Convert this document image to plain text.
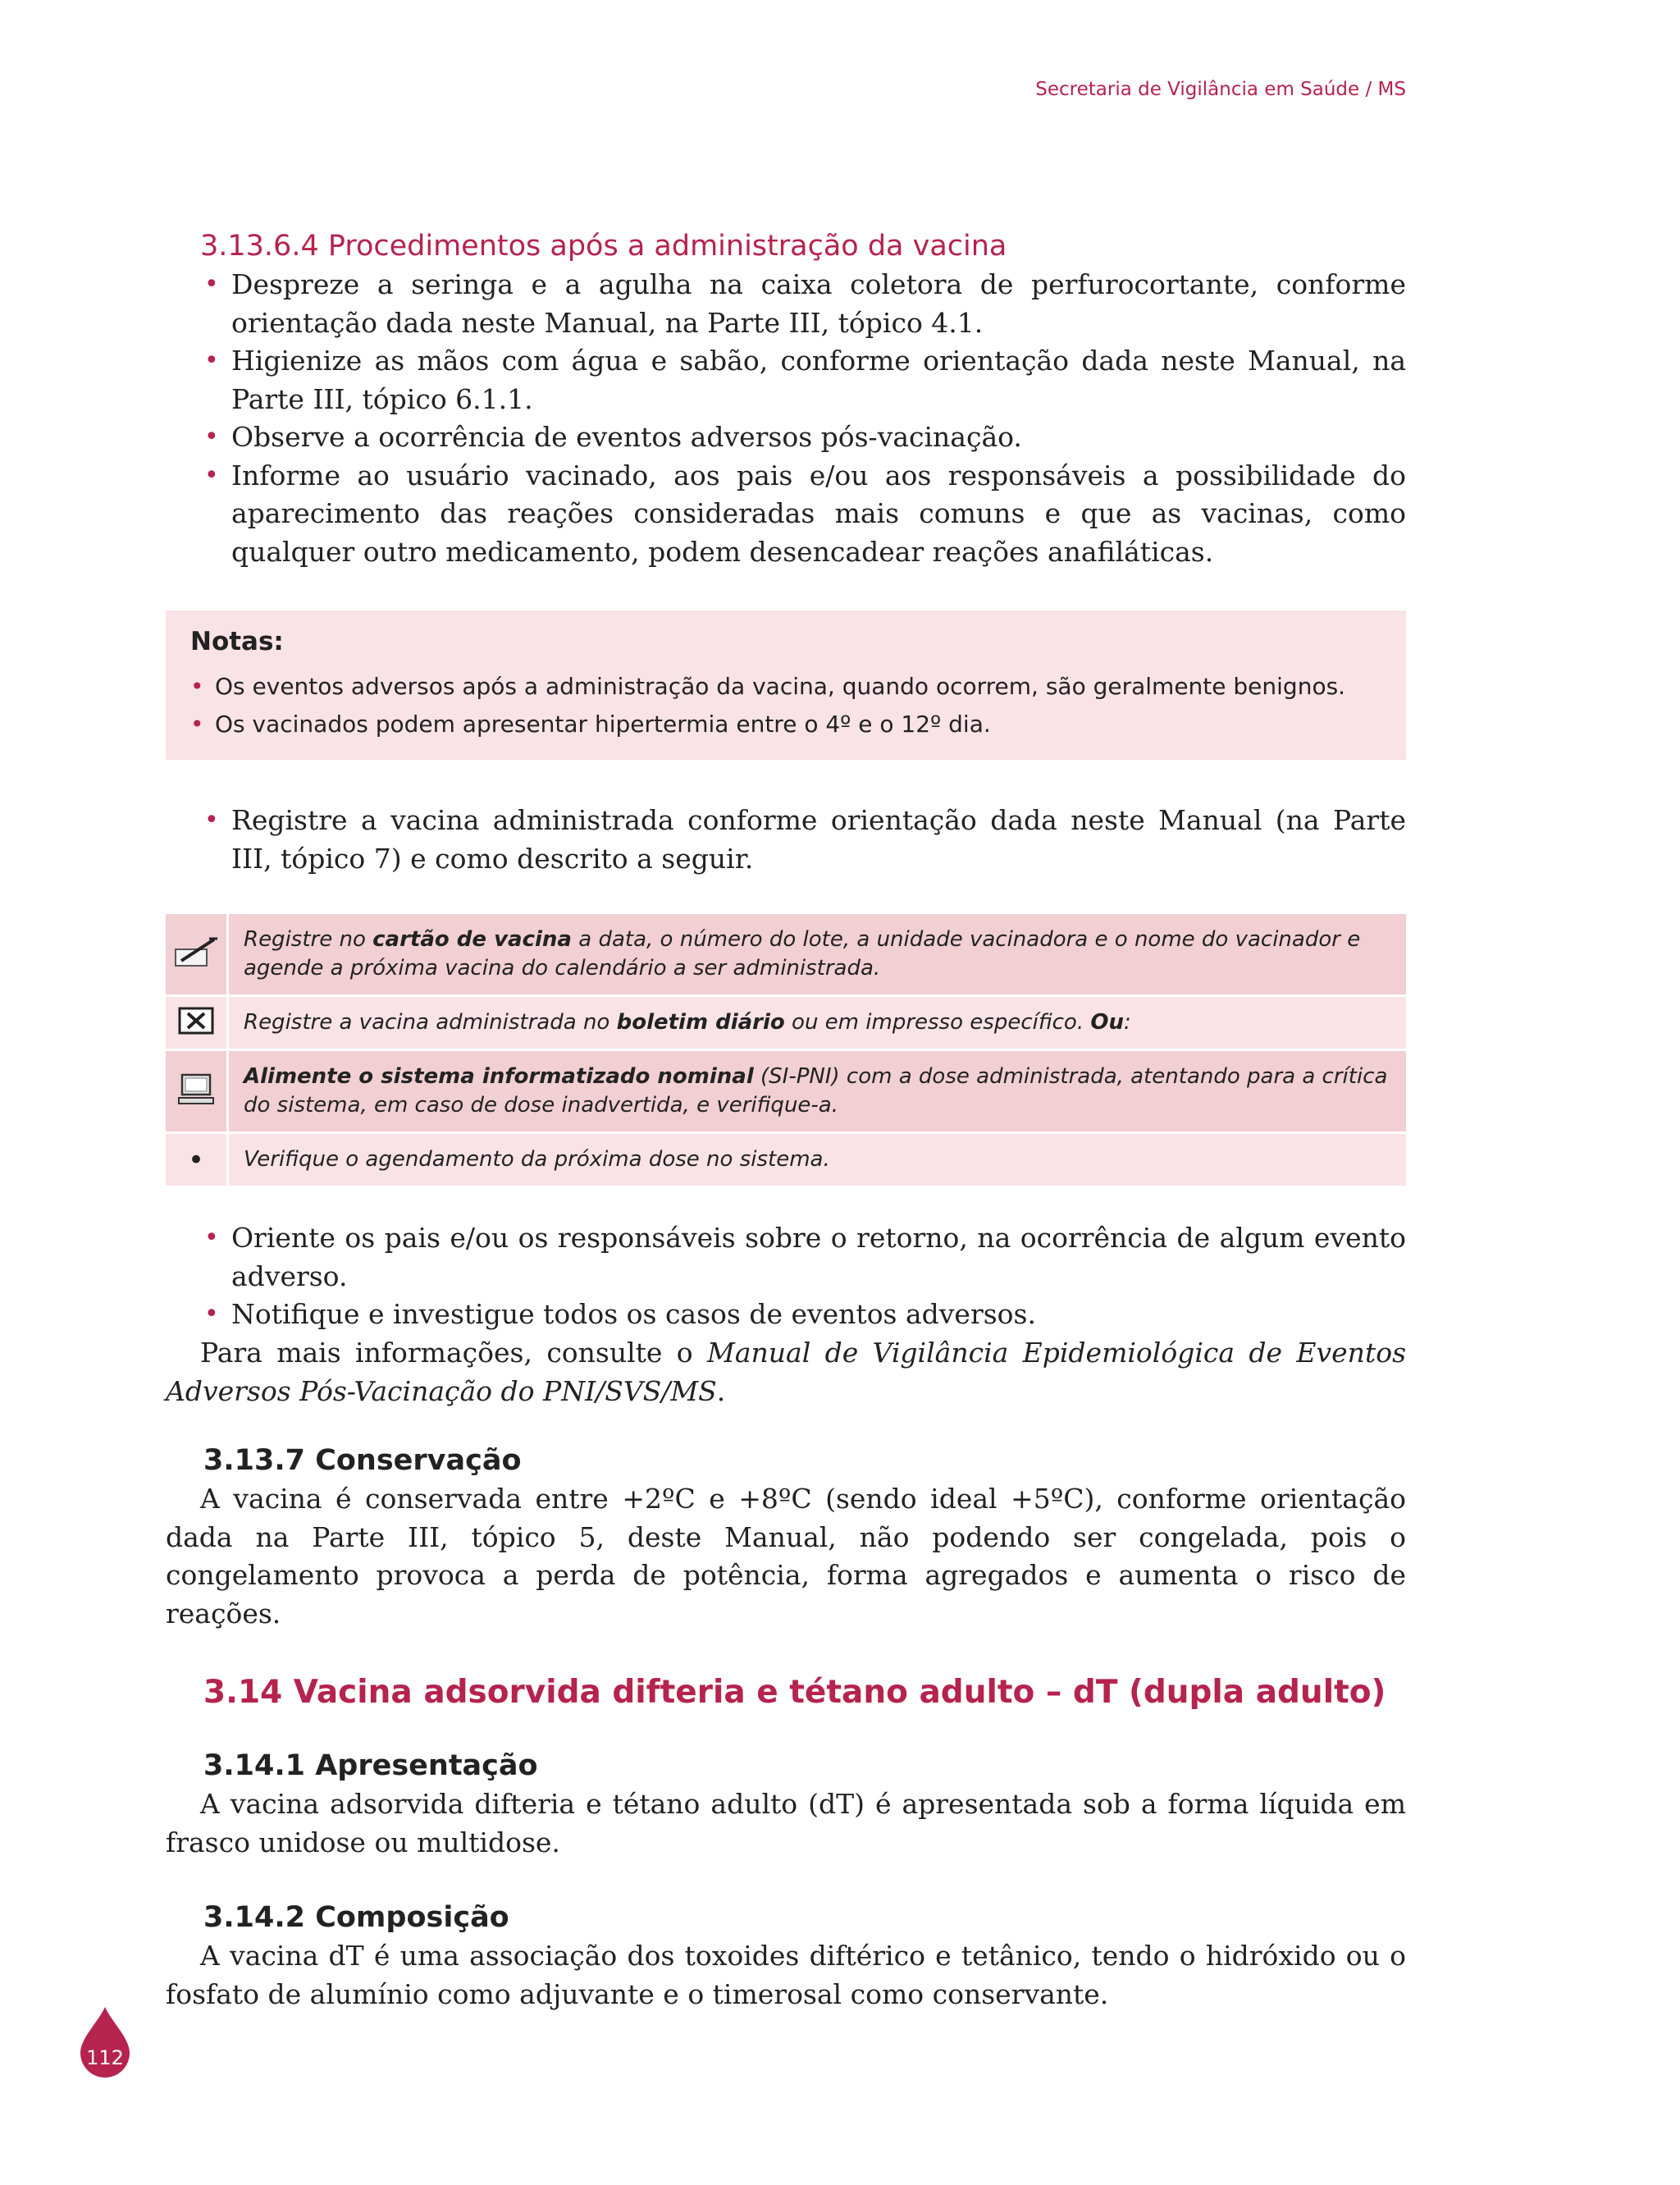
Secretaria de Vigilância em Saúde / MS
3.13.6.4 Procedimentos após a administração da vacina
• Despreze a seringa e a agulha na caixa coletora de perfurocortante, conforme orientação dada neste Manual, na Parte III, tópico 4.1.
• Higienize as mãos com água e sabão, conforme orientação dada neste Manual, na Parte III, tópico 6.1.1.
• Observe a ocorrência de eventos adversos pós-vacinação.
• Informe ao usuário vacinado, aos pais e/ou aos responsáveis a possibilidade do aparecimento das reações consideradas mais comuns e que as vacinas, como qualquer outro medicamento, podem desencadear reações anafiláticas.

Notas:

• Os eventos adversos após a administração da vacina, quando ocorrem, são geralmente benignos.
• Os vacinados podem apresentar hipertermia entre o 4º e o 12º dia.
• Registre a vacina administrada conforme orientação dada neste Manual (na Parte III, tópico 7) e como descrito a seguir.
	Registre no cartão de vacina a data, o número do lote, a unidade vacinadora e o nome do vacinador e agende a próxima vacina do calendário a ser administrada.
	Registre a vacina administrada no boletim diário ou em impresso específico. Ou:
	Alimente o sistema informatizado nominal (SI-PNI) com a dose administrada, atentando para a crítica do sistema, em caso de dose inadvertida, e verifique-a.
•	Verifique o agendamento da próxima dose no sistema.
• Oriente os pais e/ou os responsáveis sobre o retorno, na ocorrência de algum evento adverso.
• Notifique e investigue todos os casos de eventos adversos.

Para mais informações, consulte o Manual de Vigilância Epidemiológica de Eventos Adversos Pós-Vacinação do PNI/SVS/MS.

3.13.7 Conservação

A vacina é conservada entre +2ºC e +8ºC (sendo ideal +5ºC), conforme orientação dada na Parte III, tópico 5, deste Manual, não podendo ser congelada, pois o congelamento provoca a perda de potência, forma agregados e aumenta o risco de reações.

3.14 Vacina adsorvida difteria e tétano adulto – dT (dupla adulto)
3.14.1 Apresentação

A vacina adsorvida difteria e tétano adulto (dT) é apresentada sob a forma líquida em frasco unidose ou multidose.

3.14.2 Composição

A vacina dT é uma associação dos toxoides diftérico e tetânico, tendo o hidróxido ou o fosfato de alumínio como adjuvante e o timerosal como conservante.

112
